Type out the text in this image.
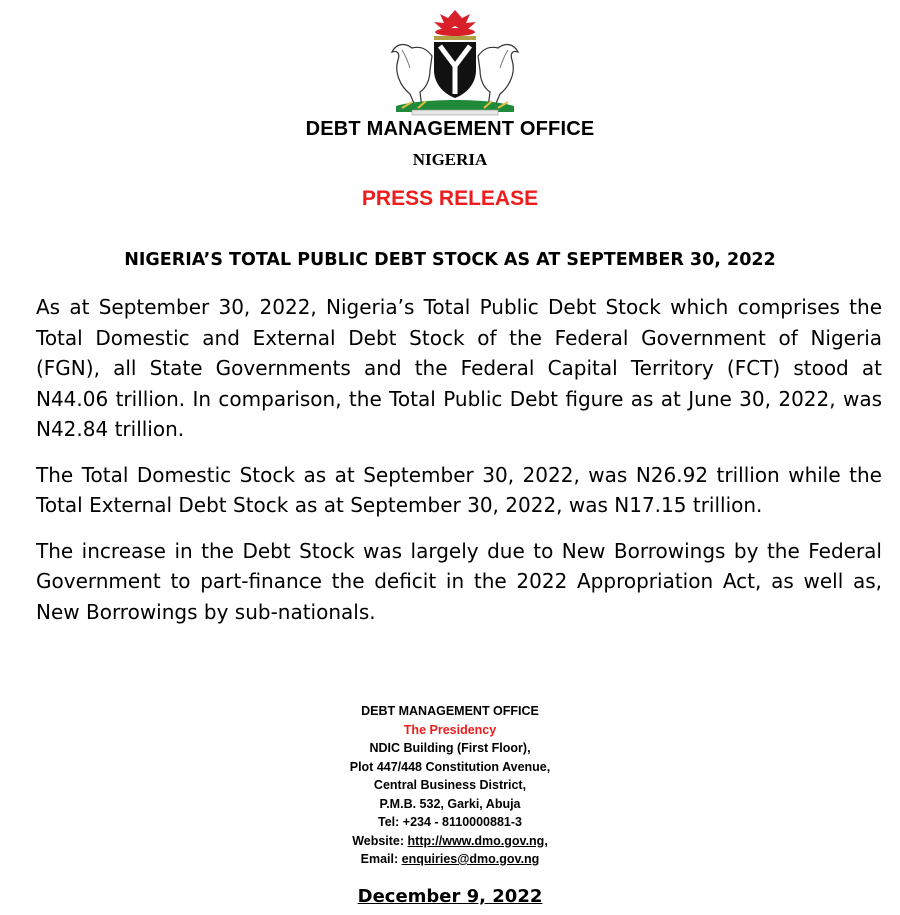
DEBT MANAGEMENT OFFICE
NIGERIA
PRESS RELEASE
NIGERIA’S TOTAL PUBLIC DEBT STOCK AS AT SEPTEMBER 30, 2022

As at September 30, 2022, Nigeria’s Total Public Debt Stock which comprises the Total Domestic and External Debt Stock of the Federal Government of Nigeria (FGN), all State Governments and the Federal Capital Territory (FCT) stood at N44.06 trillion. In comparison, the Total Public Debt figure as at June 30, 2022, was N42.84 trillion.

The Total Domestic Stock as at September 30, 2022, was N26.92 trillion while the Total External Debt Stock as at September 30, 2022, was N17.15 trillion.

The increase in the Debt Stock was largely due to New Borrowings by the Federal Government to part-finance the deficit in the 2022 Appropriation Act, as well as, New Borrowings by sub-nationals.

DEBT MANAGEMENT OFFICE
The Presidency
NDIC Building (First Floor),
Plot 447/448 Constitution Avenue,
Central Business District,
P.M.B. 532, Garki, Abuja
Tel: +234 - 8110000881-3
Website: http://www.dmo.gov.ng,
Email: enquiries@dmo.gov.ng
December 9, 2022
